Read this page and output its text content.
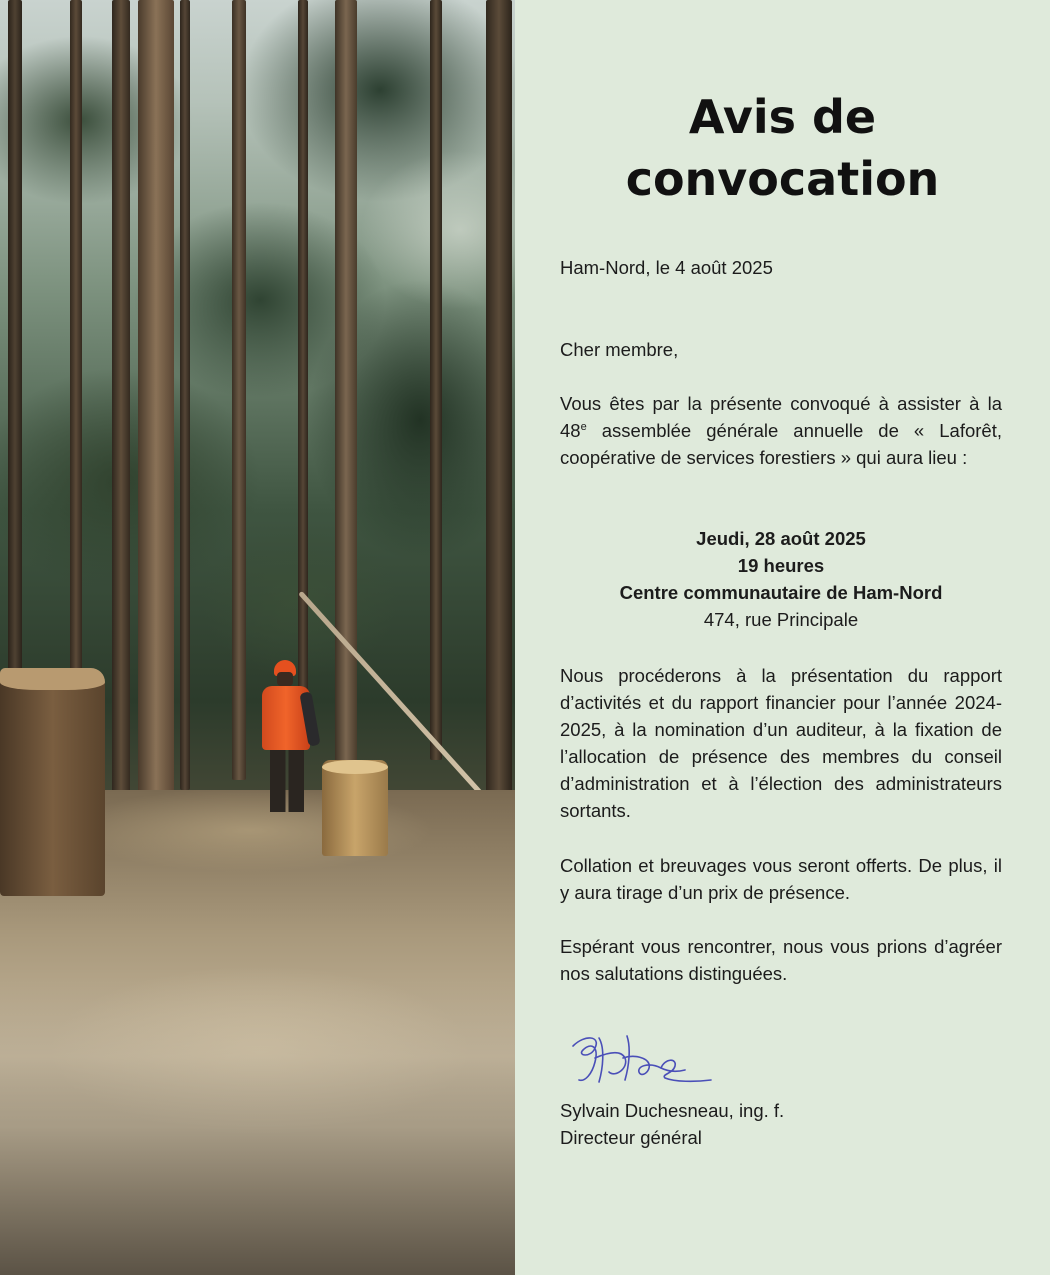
Avis de
convocation

Ham-Nord, le 4 août 2025

Cher membre,

Vous êtes par la présente convoqué à assister à la 48e assemblée générale annuelle de « Laforêt, coopérative de services forestiers » qui aura lieu :

Jeudi, 28 août 2025
19 heures
Centre communautaire de Ham-Nord
474, rue Principale

Nous procéderons à la présentation du rapport d’activités et du rapport financier pour l’année 2024-2025, à la nomination d’un auditeur, à la fixation de l’allocation de présence des membres du conseil d’administration et à l’élection des administrateurs sortants.

Collation et breuvages vous seront offerts. De plus, il y aura tirage d’un prix de présence.

Espérant vous rencontrer, nous vous prions d’agréer nos salutations distinguées.

Sylvain Duchesneau, ing. f.

Directeur général
